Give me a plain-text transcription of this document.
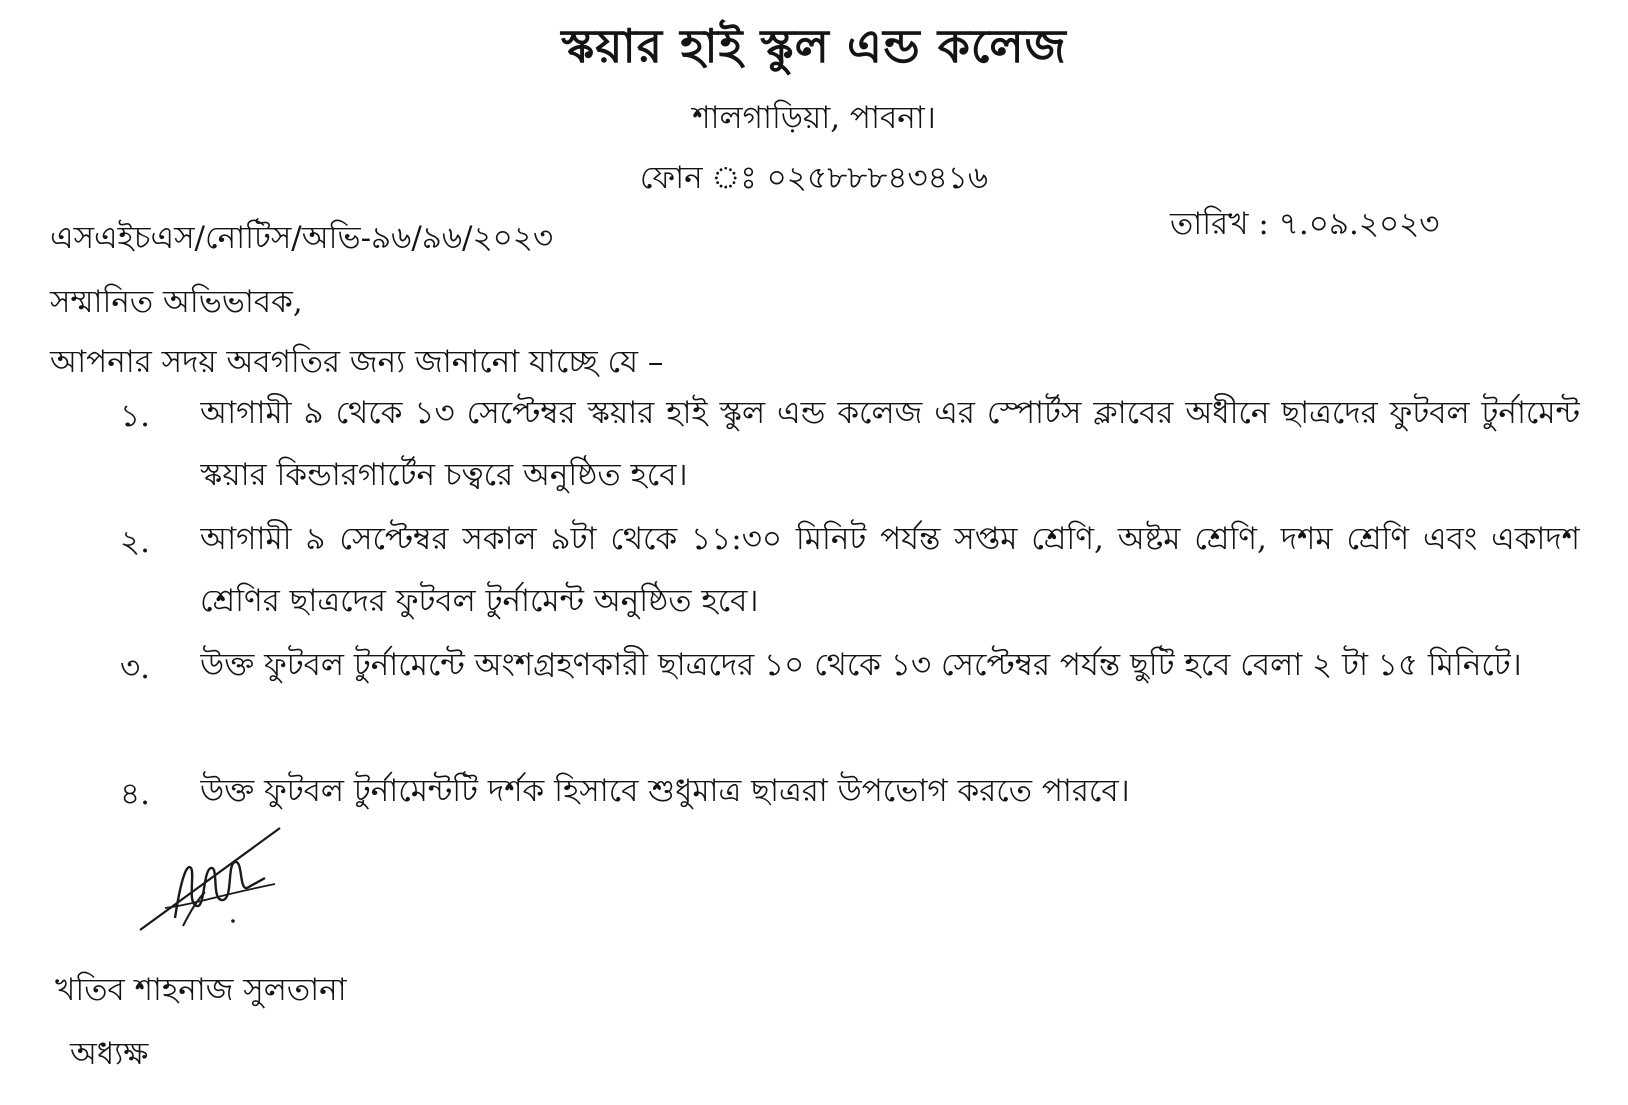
স্কয়ার হাই স্কুল এন্ড কলেজ
শালগাড়িয়া, পাবনা।
ফোন ঃ ০২৫৮৮৮৪৩৪১৬
এসএইচএস/নোটিস/অভি-৯৬/৯৬/২০২৩	তারিখ : ৭.০৯.২০২৩
সম্মানিত অভিভাবক,
আপনার সদয় অবগতির জন্য জানানো যাচ্ছে যে –
১. আগামী ৯ থেকে ১৩ সেপ্টেম্বর স্কয়ার হাই স্কুল এন্ড কলেজ এর স্পোর্টস ক্লাবের অধীনে ছাত্রদের ফুটবল টুর্নামেন্ট স্কয়ার কিন্ডারগার্টেন চত্বরে অনুষ্ঠিত হবে।
২. আগামী ৯ সেপ্টেম্বর সকাল ৯টা থেকে ১১:৩০ মিনিট পর্যন্ত সপ্তম শ্রেণি, অষ্টম শ্রেণি, দশম শ্রেণি এবং একাদশ শ্রেণির ছাত্রদের ফুটবল টুর্নামেন্ট অনুষ্ঠিত হবে।
৩. উক্ত ফুটবল টুর্নামেন্টে অংশগ্রহণকারী ছাত্রদের ১০ থেকে ১৩ সেপ্টেম্বর পর্যন্ত ছুটি হবে বেলা ২ টা ১৫ মিনিটে।
৪. উক্ত ফুটবল টুর্নামেন্টটি দর্শক হিসাবে শুধুমাত্র ছাত্ররা উপভোগ করতে পারবে।
খতিব শাহনাজ সুলতানা
অধ্যক্ষ
